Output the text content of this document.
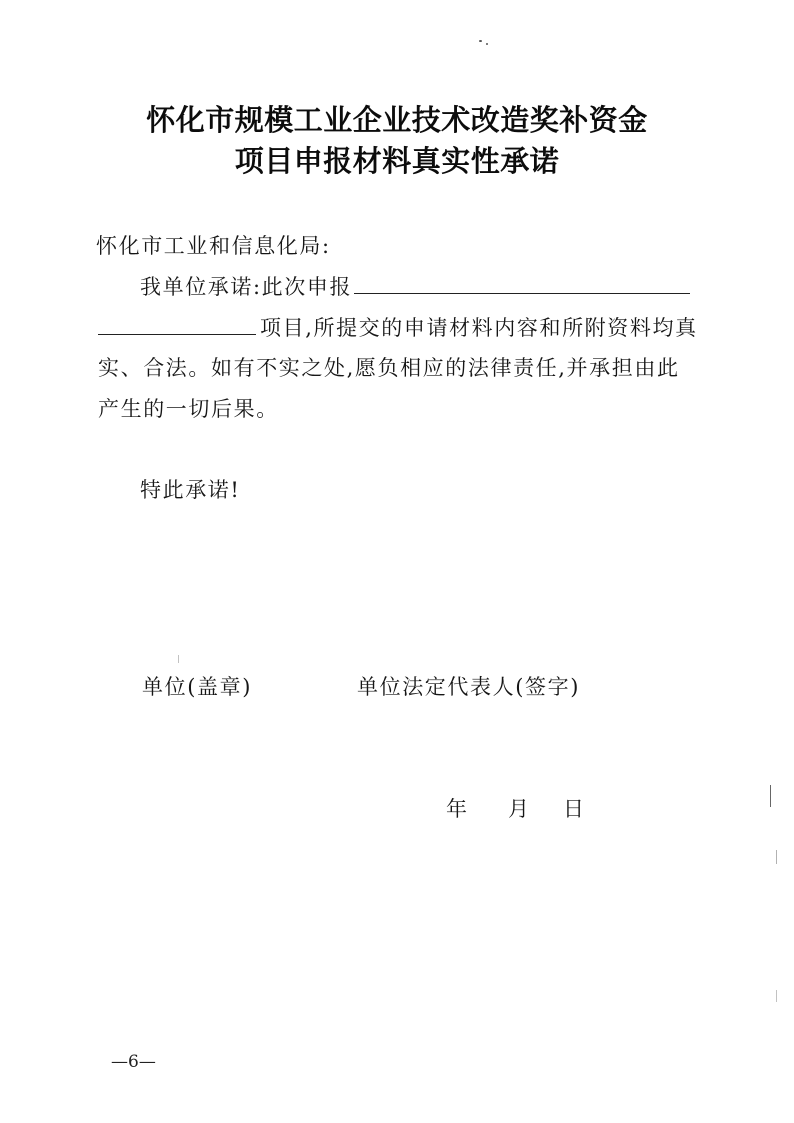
怀化市规模工业企业技术改造奖补资金
项目申报材料真实性承诺
怀化市工业和信息化局:
我单位承诺:此次申报
项目,所提交的申请材料内容和所附资料均真
实、合法。如有不实之处,愿负相应的法律责任,并承担由此
产生的一切后果。
特此承诺!
单位(盖章)	单位法定代表人(签字)
年 月 日
—6—
